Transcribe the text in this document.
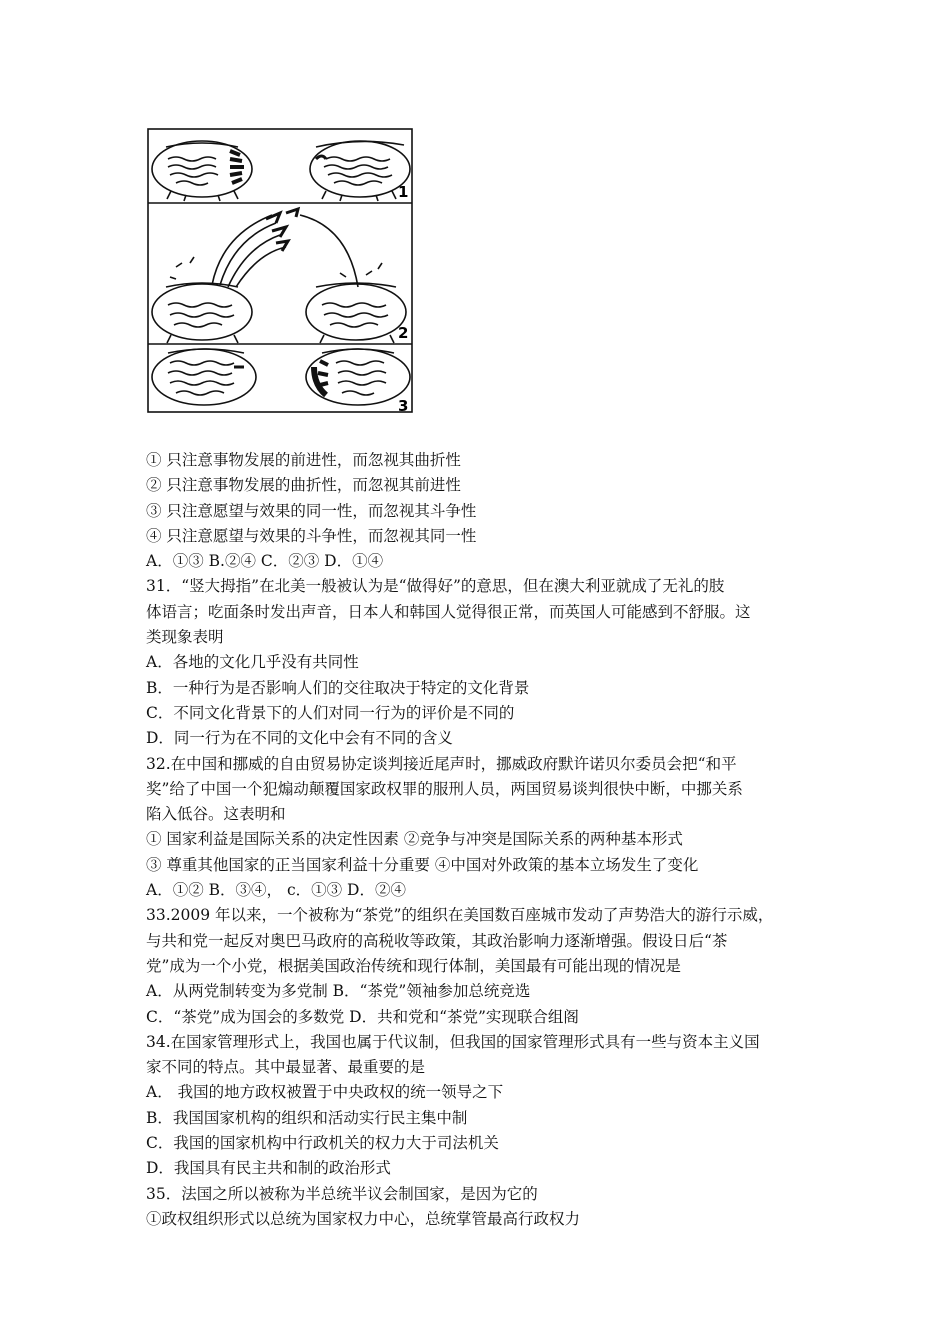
1
2
3
① 只注意事物发展的前进性，而忽视其曲折性
② 只注意事物发展的曲折性，而忽视其前进性
③ 只注意愿望与效果的同一性，而忽视其斗争性
④ 只注意愿望与效果的斗争性，而忽视其同一性
A．①③ B.②④ C．②③ D．①④
31．“竖大拇指”在北美一般被认为是“做得好”的意思，但在澳大利亚就成了无礼的肢
体语言；吃面条时发出声音，日本人和韩国人觉得很正常，而英国人可能感到不舒服。这
类现象表明
A．各地的文化几乎没有共同性
B．一种行为是否影响人们的交往取决于特定的文化背景
C．不同文化背景下的人们对同一行为的评价是不同的
D．同一行为在不同的文化中会有不同的含义
32.在中国和挪威的自由贸易协定谈判接近尾声时，挪威政府默许诺贝尔委员会把“和平
奖”给了中国一个犯煽动颠覆国家政权罪的服刑人员，两国贸易谈判很快中断，中挪关系
陷入低谷。这表明和
① 国家利益是国际关系的决定性因素 ②竞争与冲突是国际关系的两种基本形式
③ 尊重其他国家的正当国家利益十分重要 ④中国对外政策的基本立场发生了变化
A．①② B．③④， c．①③ D．②④
33.2009 年以来，一个被称为“茶党”的组织在美国数百座城市发动了声势浩大的游行示威，
与共和党一起反对奥巴马政府的高税收等政策，其政治影响力逐渐增强。假设日后“茶
党”成为一个小党，根据美国政治传统和现行体制，美国最有可能出现的情况是
A．从两党制转变为多党制 B．“茶党”领袖参加总统竞选
C．“茶党”成为国会的多数党 D．共和党和“茶党”实现联合组阁
34.在国家管理形式上，我国也属于代议制，但我国的国家管理形式具有一些与资本主义国
家不同的特点。其中最显著、最重要的是
A． 我国的地方政权被置于中央政权的统一领导之下
B．我国国家机构的组织和活动实行民主集中制
C．我国的国家机构中行政机关的权力大于司法机关
D．我国具有民主共和制的政治形式
35．法国之所以被称为半总统半议会制国家，是因为它的
①政权组织形式以总统为国家权力中心，总统掌管最高行政权力
